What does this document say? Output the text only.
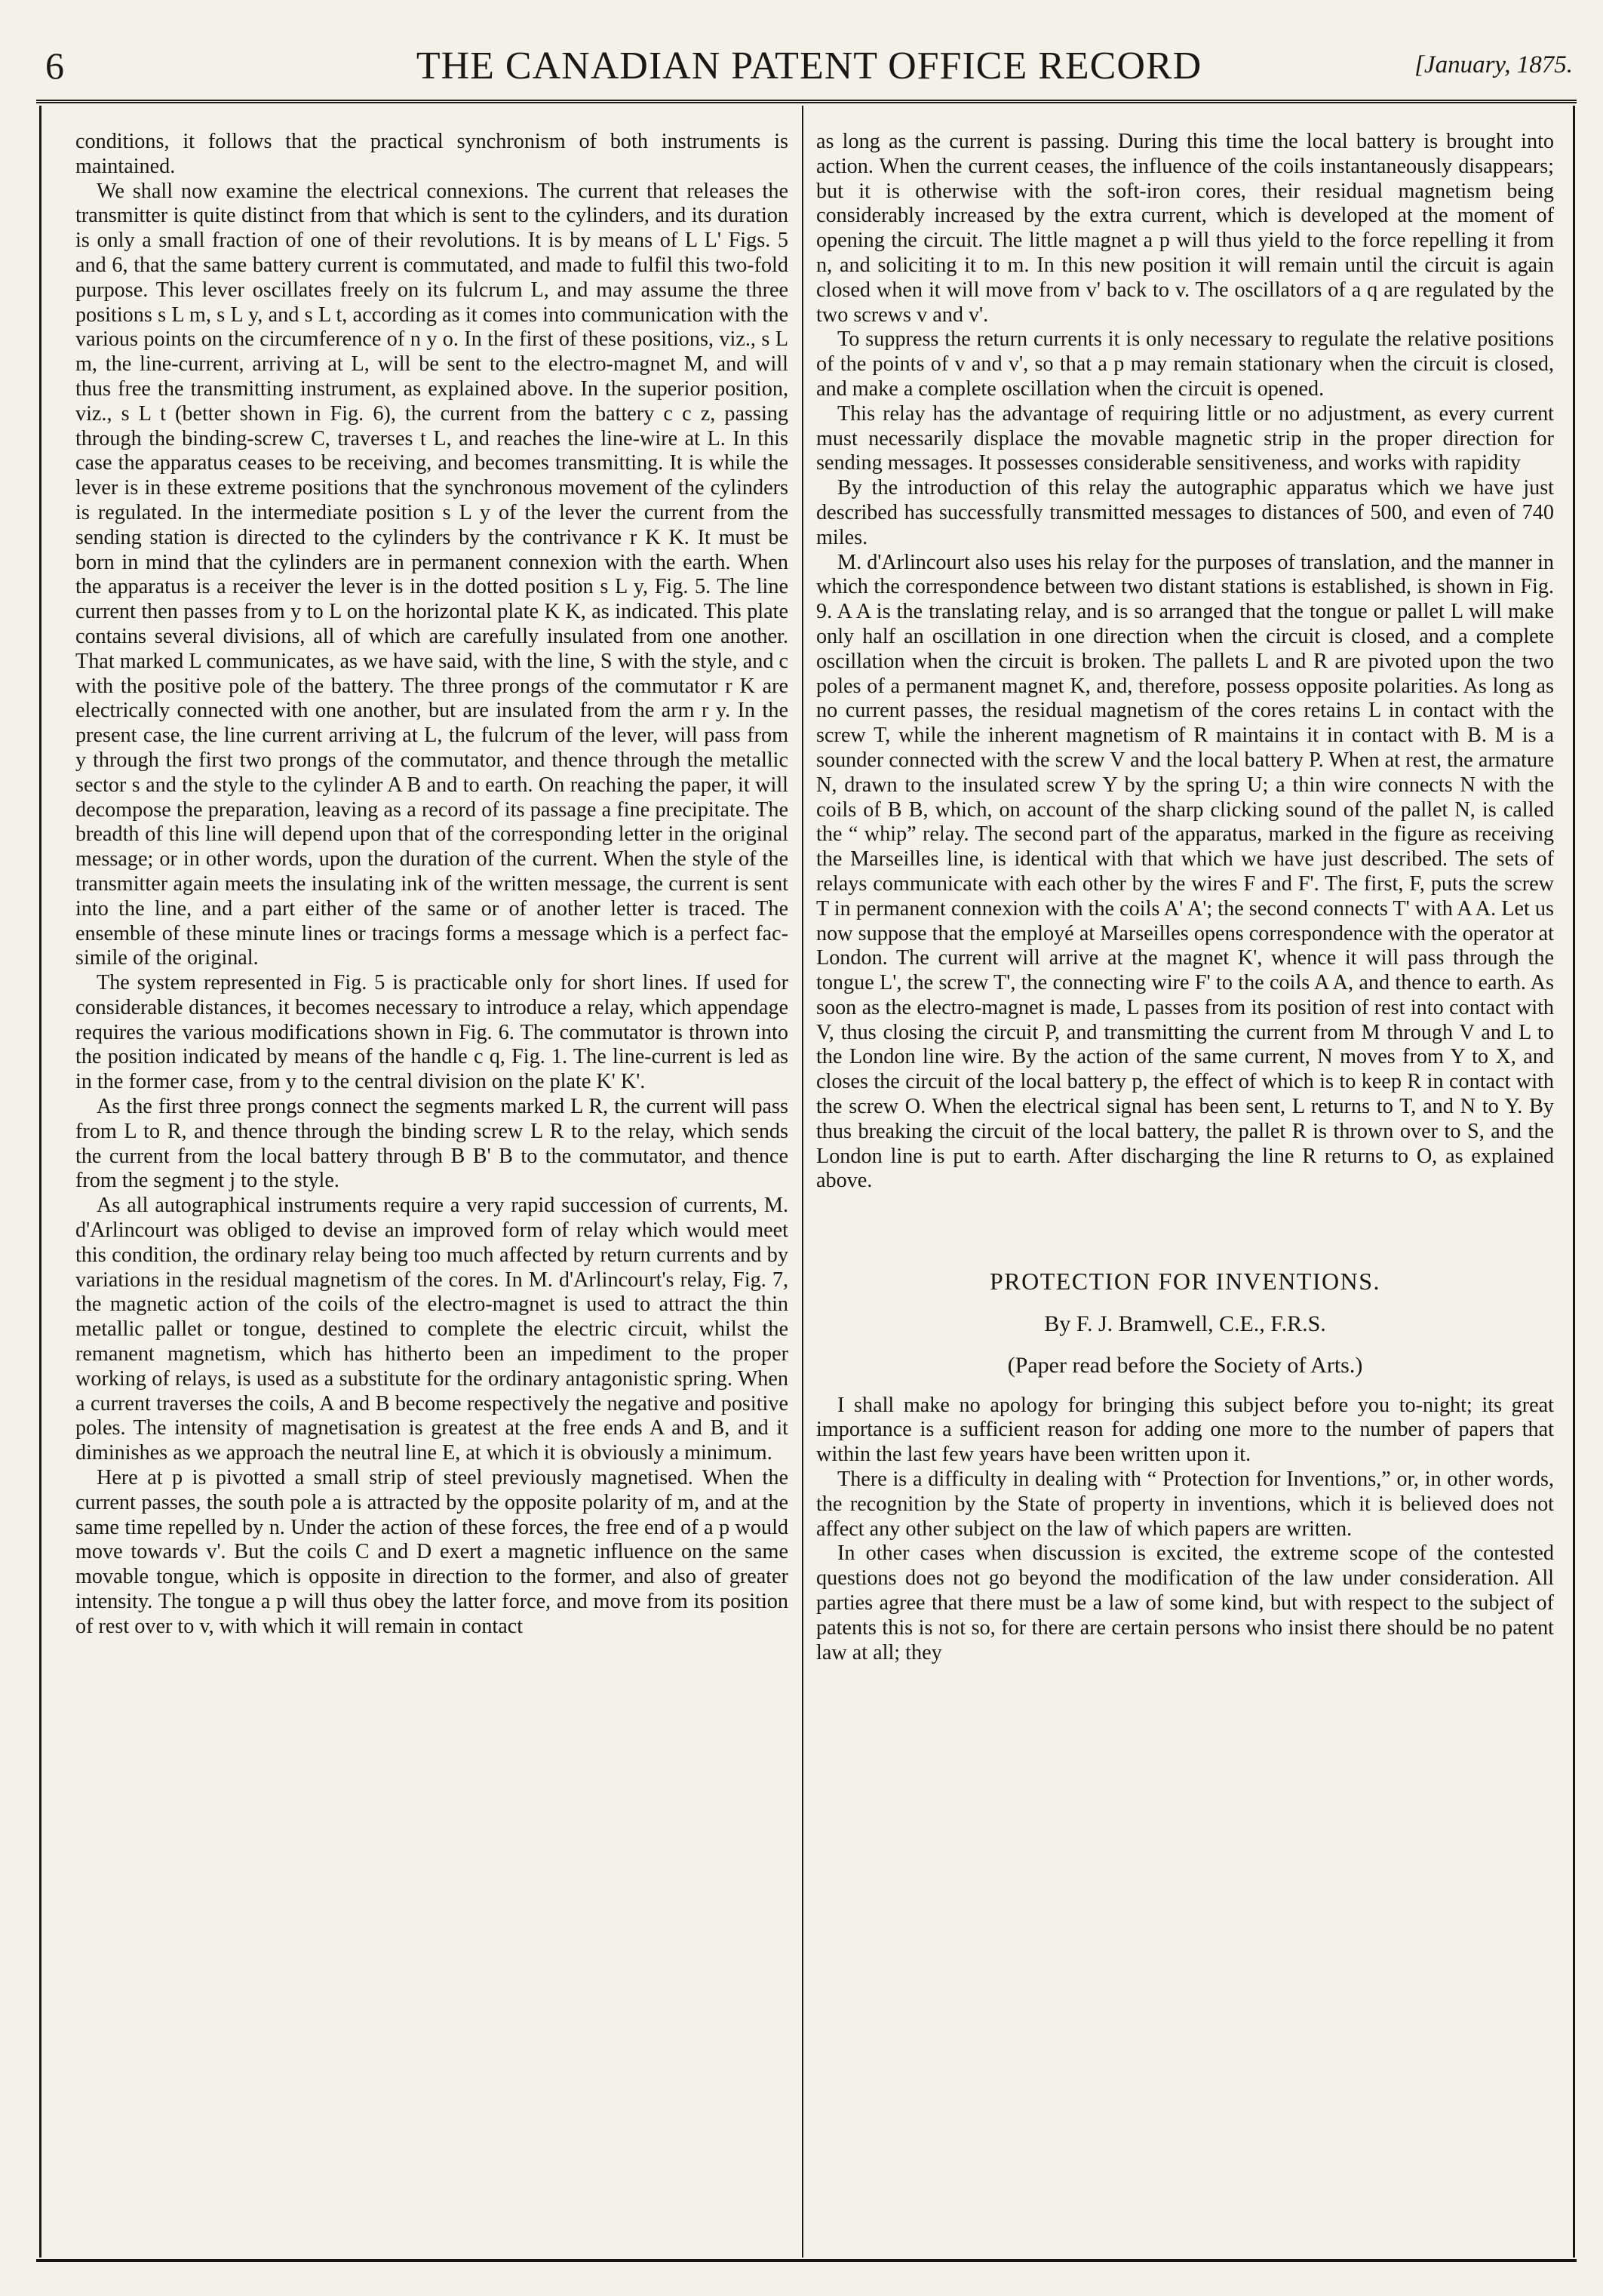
6	THE CANADIAN PATENT OFFICE RECORD	[January, 1875.

conditions, it follows that the practical synchronism of both instruments is maintained.

We shall now examine the electrical connexions. The current that releases the transmitter is quite distinct from that which is sent to the cylinders, and its duration is only a small fraction of one of their revolutions. It is by means of L L' Figs. 5 and 6, that the same battery current is commutated, and made to fulfil this two-fold purpose. This lever oscillates freely on its fulcrum L, and may assume the three positions s L m, s L y, and s L t, according as it comes into communication with the various points on the circumference of n y o. In the first of these positions, viz., s L m, the line-current, arriving at L, will be sent to the electro-magnet M, and will thus free the transmitting instrument, as explained above. In the superior position, viz., s L t (better shown in Fig. 6), the current from the battery c c z, passing through the binding-screw C, traverses t L, and reaches the line-wire at L. In this case the apparatus ceases to be receiving, and becomes transmitting. It is while the lever is in these extreme positions that the synchronous movement of the cylinders is regulated. In the intermediate position s L y of the lever the current from the sending station is directed to the cylinders by the contrivance r K K. It must be born in mind that the cylinders are in permanent connexion with the earth. When the apparatus is a receiver the lever is in the dotted position s L y, Fig. 5. The line current then passes from y to L on the horizontal plate K K, as indicated. This plate contains several divisions, all of which are carefully insulated from one another. That marked L communicates, as we have said, with the line, S with the style, and c with the positive pole of the battery. The three prongs of the commutator r K are electrically connected with one another, but are insulated from the arm r y. In the present case, the line current arriving at L, the fulcrum of the lever, will pass from y through the first two prongs of the commutator, and thence through the metallic sector s and the style to the cylinder A B and to earth. On reaching the paper, it will decompose the preparation, leaving as a record of its passage a fine precipitate. The breadth of this line will depend upon that of the corresponding letter in the original message; or in other words, upon the duration of the current. When the style of the transmitter again meets the insulating ink of the written message, the current is sent into the line, and a part either of the same or of another letter is traced. The ensemble of these minute lines or tracings forms a message which is a perfect fac-simile of the original.

The system represented in Fig. 5 is practicable only for short lines. If used for considerable distances, it becomes necessary to introduce a relay, which appendage requires the various modifications shown in Fig. 6. The commutator is thrown into the position indicated by means of the handle c q, Fig. 1. The line-current is led as in the former case, from y to the central division on the plate K' K'.

As the first three prongs connect the segments marked L R, the current will pass from L to R, and thence through the binding screw L R to the relay, which sends the current from the local battery through B B' B to the commutator, and thence from the segment j to the style.

As all autographical instruments require a very rapid succession of currents, M. d'Arlincourt was obliged to devise an improved form of relay which would meet this condition, the ordinary relay being too much affected by return currents and by variations in the residual magnetism of the cores. In M. d'Arlincourt's relay, Fig. 7, the magnetic action of the coils of the electro-magnet is used to attract the thin metallic pallet or tongue, destined to complete the electric circuit, whilst the remanent magnetism, which has hitherto been an impediment to the proper working of relays, is used as a substitute for the ordinary antagonistic spring. When a current traverses the coils, A and B become respectively the negative and positive poles. The intensity of magnetisation is greatest at the free ends A and B, and it diminishes as we approach the neutral line E, at which it is obviously a minimum.

Here at p is pivotted a small strip of steel previously magnetised. When the current passes, the south pole a is attracted by the opposite polarity of m, and at the same time repelled by n. Under the action of these forces, the free end of a p would move towards v'. But the coils C and D exert a magnetic influence on the same movable tongue, which is opposite in direction to the former, and also of greater intensity. The tongue a p will thus obey the latter force, and move from its position of rest over to v, with which it will remain in contact

as long as the current is passing. During this time the local battery is brought into action. When the current ceases, the influence of the coils instantaneously disappears; but it is otherwise with the soft-iron cores, their residual magnetism being considerably increased by the extra current, which is developed at the moment of opening the circuit. The little magnet a p will thus yield to the force repelling it from n, and soliciting it to m. In this new position it will remain until the circuit is again closed when it will move from v' back to v. The oscillators of a q are regulated by the two screws v and v'.

To suppress the return currents it is only necessary to regulate the relative positions of the points of v and v', so that a p may remain stationary when the circuit is closed, and make a complete oscillation when the circuit is opened.

This relay has the advantage of requiring little or no adjustment, as every current must necessarily displace the movable magnetic strip in the proper direction for sending messages. It possesses considerable sensitiveness, and works with rapidity

By the introduction of this relay the autographic apparatus which we have just described has successfully transmitted messages to distances of 500, and even of 740 miles.

M. d'Arlincourt also uses his relay for the purposes of translation, and the manner in which the correspondence between two distant stations is established, is shown in Fig. 9. A A is the translating relay, and is so arranged that the tongue or pallet L will make only half an oscillation in one direction when the circuit is closed, and a complete oscillation when the circuit is broken. The pallets L and R are pivoted upon the two poles of a permanent magnet K, and, therefore, possess opposite polarities. As long as no current passes, the residual magnetism of the cores retains L in contact with the screw T, while the inherent magnetism of R maintains it in contact with B. M is a sounder connected with the screw V and the local battery P. When at rest, the armature N, drawn to the insulated screw Y by the spring U; a thin wire connects N with the coils of B B, which, on account of the sharp clicking sound of the pallet N, is called the “ whip” relay. The second part of the apparatus, marked in the figure as receiving the Marseilles line, is identical with that which we have just described. The sets of relays communicate with each other by the wires F and F'. The first, F, puts the screw T in permanent connexion with the coils A' A'; the second connects T' with A A. Let us now suppose that the employé at Marseilles opens correspondence with the operator at London. The current will arrive at the magnet K', whence it will pass through the tongue L', the screw T', the connecting wire F' to the coils A A, and thence to earth. As soon as the electro-magnet is made, L passes from its position of rest into contact with V, thus closing the circuit P, and transmitting the current from M through V and L to the London line wire. By the action of the same current, N moves from Y to X, and closes the circuit of the local battery p, the effect of which is to keep R in contact with the screw O. When the electrical signal has been sent, L returns to T, and N to Y. By thus breaking the circuit of the local battery, the pallet R is thrown over to S, and the London line is put to earth. After discharging the line R returns to O, as explained above.

PROTECTION FOR INVENTIONS.
By F. J. Bramwell, C.E., F.R.S.
(Paper read before the Society of Arts.)

I shall make no apology for bringing this subject before you to-night; its great importance is a sufficient reason for adding one more to the number of papers that within the last few years have been written upon it.

There is a difficulty in dealing with “ Protection for Inventions,” or, in other words, the recognition by the State of property in inventions, which it is believed does not affect any other subject on the law of which papers are written.

In other cases when discussion is excited, the extreme scope of the contested questions does not go beyond the modification of the law under consideration. All parties agree that there must be a law of some kind, but with respect to the subject of patents this is not so, for there are certain persons who insist there should be no patent law at all; they
